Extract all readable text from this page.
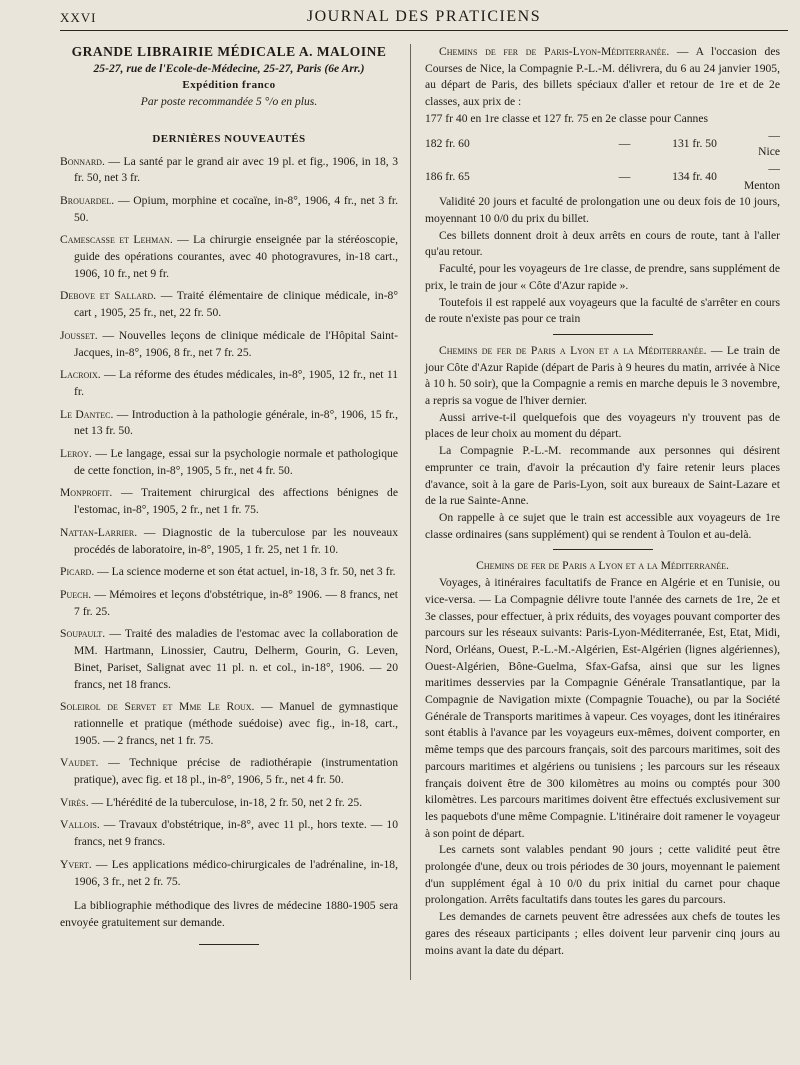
XXVI	JOURNAL DES PRATICIENS

GRANDE LIBRAIRIE MÉDICALE A. MALOINE

25-27, rue de l'Ecole-de-Médecine, 25-27, Paris (6e Arr.)

Expédition franco

Par poste recommandée 5 °/o en plus.

DERNIÈRES NOUVEAUTÉS

Bonnard. — La santé par le grand air avec 19 pl. et fig., 1906, in 18, 3 fr. 50, net 3 fr.

Brouardel. — Opium, morphine et cocaïne, in-8°, 1906, 4 fr., net 3 fr. 50.

Camescasse et Lehman. — La chirurgie enseignée par la stéréoscopie, guide des opérations courantes, avec 40 photogravures, in-18 cart., 1906, 10 fr., net 9 fr.

Debove et Sallard. — Traité élémentaire de clinique médicale, in-8° cart , 1905, 25 fr., net, 22 fr. 50.

Jousset. — Nouvelles leçons de clinique médicale de l'Hôpital Saint-Jacques, in-8°, 1906, 8 fr., net 7 fr. 25.

Lacroix. — La réforme des études médicales, in-8°, 1905, 12 fr., net 11 fr.

Le Dantec. — Introduction à la pathologie générale, in-8°, 1906, 15 fr., net 13 fr. 50.

Leroy. — Le langage, essai sur la psychologie normale et pathologique de cette fonction, in-8°, 1905, 5 fr., net 4 fr. 50.

Monprofit. — Traitement chirurgical des affections bénignes de l'estomac, in-8°, 1905, 2 fr., net 1 fr. 75.

Nattan-Larrier. — Diagnostic de la tuberculose par les nouveaux procédés de laboratoire, in-8°, 1905, 1 fr. 25, net 1 fr. 10.

Picard. — La science moderne et son état actuel, in-18, 3 fr. 50, net 3 fr.

Puech. — Mémoires et leçons d'obstétrique, in-8° 1906. — 8 francs, net 7 fr. 25.

Soupault. — Traité des maladies de l'estomac avec la collaboration de MM. Hartmann, Linossier, Cautru, Delherm, Gourin, G. Leven, Binet, Pariset, Salignat avec 11 pl. n. et col., in-18°, 1906. — 20 francs, net 18 francs.

Soleirol de Servet et Mme Le Roux. — Manuel de gymnastique rationnelle et pratique (méthode suédoise) avec fig., in-18, cart., 1905. — 2 francs, net 1 fr. 75.

Vaudet. — Technique précise de radiothérapie (instrumentation pratique), avec fig. et 18 pl., in-8°, 1906, 5 fr., net 4 fr. 50.

Virès. — L'hérédité de la tuberculose, in-18, 2 fr. 50, net 2 fr. 25.

Vallois. — Travaux d'obstétrique, in-8°, avec 11 pl., hors texte. — 10 francs, net 9 francs.

Yvert. — Les applications médico-chirurgicales de l'adrénaline, in-18, 1906, 3 fr., net 2 fr. 75.

La bibliographie méthodique des livres de médecine 1880-1905 sera envoyée gratuitement sur demande.

Chemins de fer de Paris-Lyon-Méditerranée. — A l'occasion des Courses de Nice, la Compagnie P.-L.-M. délivrera, du 6 au 24 janvier 1905, au départ de Paris, des billets spéciaux d'aller et retour de 1re et de 2e classes, aux prix de :

177 fr 40 en 1re classe et 127 fr. 75 en 2e classe pour Cannes			
182 fr. 60	—	131 fr. 50	— Nice
186 fr. 65	—	134 fr. 40	— Menton

Validité 20 jours et faculté de prolongation une ou deux fois de 10 jours, moyennant 10 0/0 du prix du billet.

Ces billets donnent droit à deux arrêts en cours de route, tant à l'aller qu'au retour.

Faculté, pour les voyageurs de 1re classe, de prendre, sans supplément de prix, le train de jour « Côte d'Azur rapide ».

Toutefois il est rappelé aux voyageurs que la faculté de s'arrêter en cours de route n'existe pas pour ce train

Chemins de fer de Paris a Lyon et a la Méditerranée. — Le train de jour Côte d'Azur Rapide (départ de Paris à 9 heures du matin, arrivée à Nice à 10 h. 50 soir), que la Compagnie a remis en marche depuis le 3 novembre, a repris sa vogue de l'hiver dernier.

Aussi arrive-t-il quelquefois que des voyageurs n'y trouvent pas de places de leur choix au moment du départ.

La Compagnie P.-L.-M. recommande aux personnes qui désirent emprunter ce train, d'avoir la précaution d'y faire retenir leurs places d'avance, soit à la gare de Paris-Lyon, soit aux bureaux de Saint-Lazare et de la rue Sainte-Anne.

On rappelle à ce sujet que le train est accessible aux voyageurs de 1re classe ordinaires (sans supplément) qui se rendent à Toulon et au-delà.

Chemins de fer de Paris a Lyon et a la Méditerranée.

Voyages, à itinéraires facultatifs de France en Algérie et en Tunisie, ou vice-versa. — La Compagnie délivre toute l'année des carnets de 1re, 2e et 3e classes, pour effectuer, à prix réduits, des voyages pouvant comporter des parcours sur les réseaux suivants: Paris-Lyon-Méditerranée, Est, Etat, Midi, Nord, Orléans, Ouest, P.-L.-M.-Algérien, Est-Algérien (lignes algériennes), Ouest-Algérien, Bône-Guelma, Sfax-Gafsa, ainsi que sur les lignes maritimes desservies par la Compagnie Générale Transatlantique, par la Compagnie de Navigation mixte (Compagnie Touache), ou par la Société Générale de Transports maritimes à vapeur. Ces voyages, dont les itinéraires sont établis à l'avance par les voyageurs eux-mêmes, doivent comporter, en même temps que des parcours français, soit des parcours maritimes, soit des parcours maritimes et algériens ou tunisiens ; les parcours sur les réseaux français doivent être de 300 kilomètres au moins ou comptés pour 300 kilomètres. Les parcours maritimes doivent être effectués exclusivement sur les paquebots d'une même Compagnie. L'itinéraire doit ramener le voyageur à son point de départ.

Les carnets sont valables pendant 90 jours ; cette validité peut être prolongée d'une, deux ou trois périodes de 30 jours, moyennant le paiement d'un supplément égal à 10 0/0 du prix initial du carnet pour chaque prolongation. Arrêts facultatifs dans toutes les gares du parcours.

Les demandes de carnets peuvent être adressées aux chefs de toutes les gares des réseaux participants ; elles doivent leur parvenir cinq jours au moins avant la date du départ.
